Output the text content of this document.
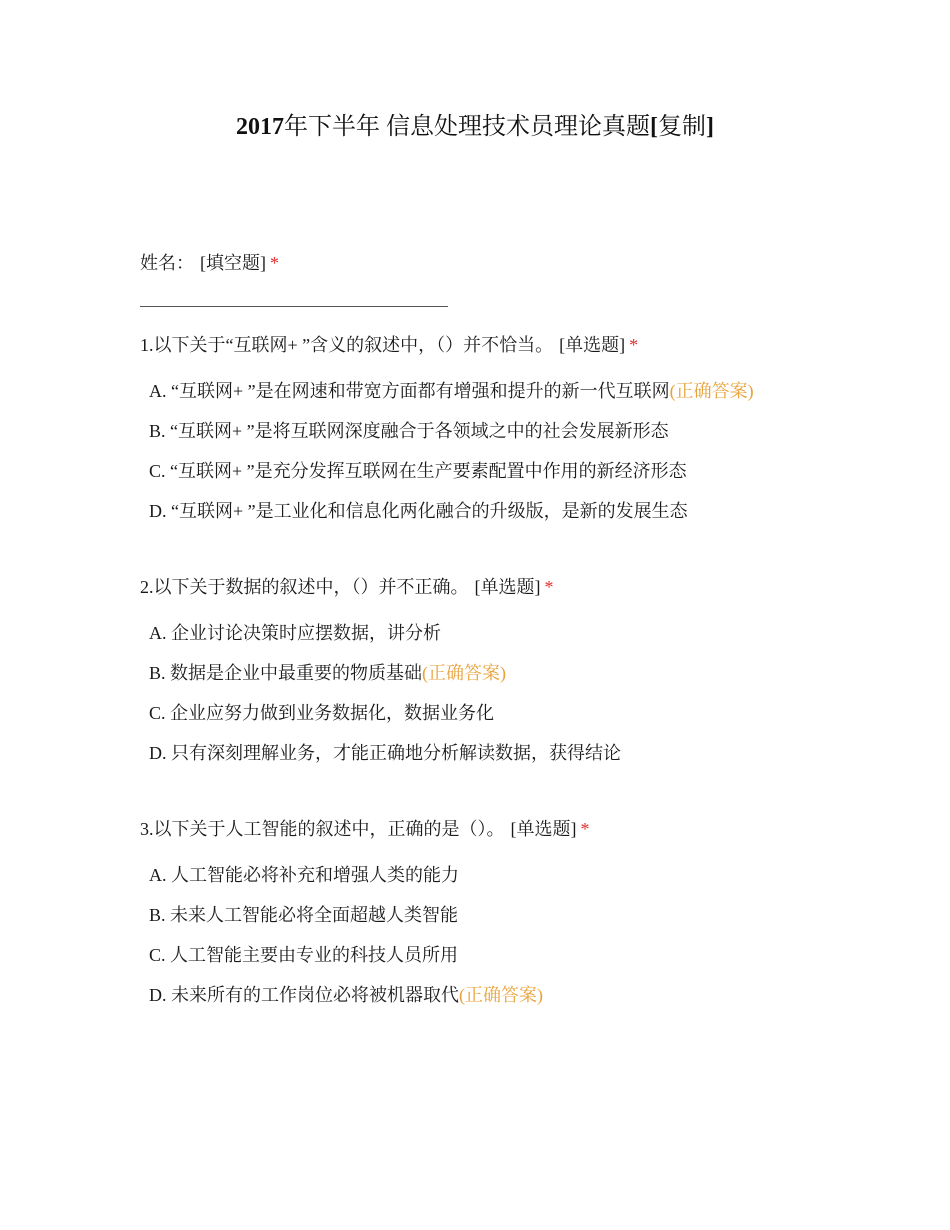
2017年下半年 信息处理技术员理论真题[复制]
姓名： [填空题] *
1.以下关于“互联网+ ”含义的叙述中，（）并不恰当。 [单选题] *
A. “互联网+ ”是在网速和带宽方面都有增强和提升的新一代互联网(正确答案)
B. “互联网+ ”是将互联网深度融合于各领域之中的社会发展新形态
C. “互联网+ ”是充分发挥互联网在生产要素配置中作用的新经济形态
D. “互联网+ ”是工业化和信息化两化融合的升级版，是新的发展生态
2.以下关于数据的叙述中，（）并不正确。 [单选题] *
A. 企业讨论决策时应摆数据，讲分析
B. 数据是企业中最重要的物质基础(正确答案)
C. 企业应努力做到业务数据化，数据业务化
D. 只有深刻理解业务，才能正确地分析解读数据，获得结论
3.以下关于人工智能的叙述中，正确的是（）。 [单选题] *
A. 人工智能必将补充和增强人类的能力
B. 未来人工智能必将全面超越人类智能
C. 人工智能主要由专业的科技人员所用
D. 未来所有的工作岗位必将被机器取代(正确答案)
